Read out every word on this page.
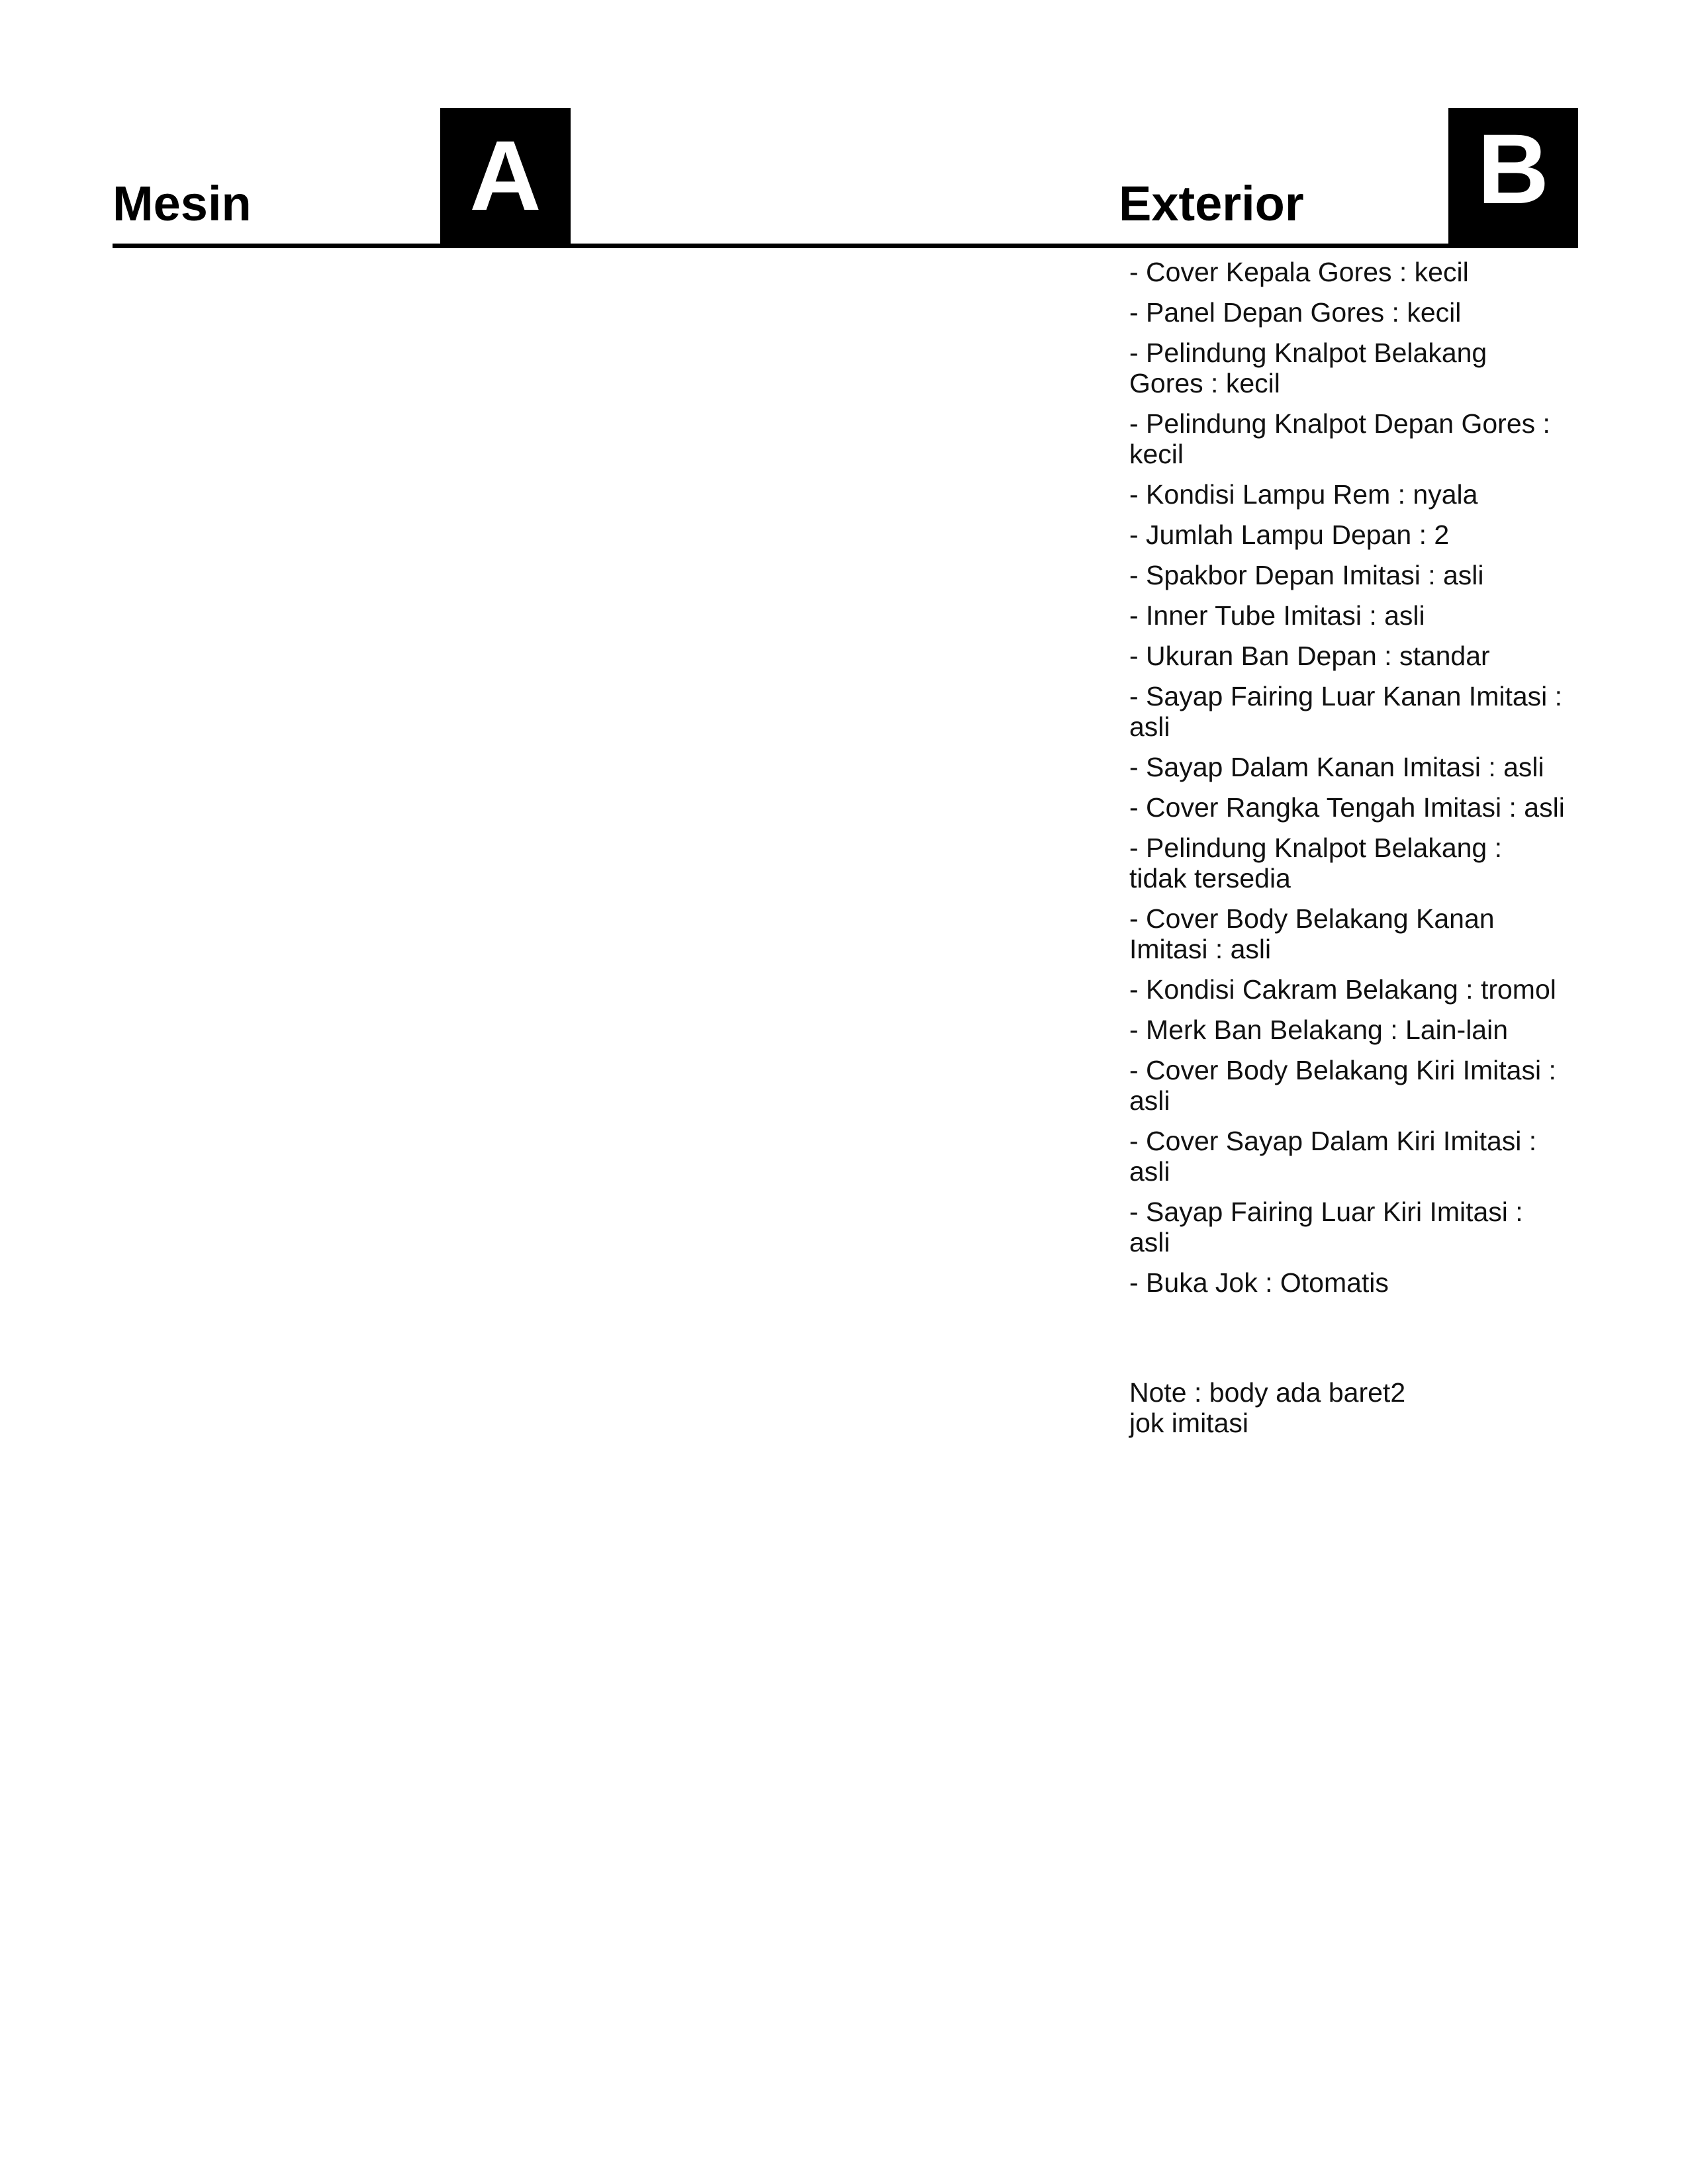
Mesin A	Exterior B
- Cover Kepala Gores : kecil
- Panel Depan Gores : kecil
- Pelindung Knalpot Belakang Gores : kecil
- Pelindung Knalpot Depan Gores : kecil
- Kondisi Lampu Rem : nyala
- Jumlah Lampu Depan : 2
- Spakbor Depan Imitasi : asli
- Inner Tube Imitasi : asli
- Ukuran Ban Depan : standar
- Sayap Fairing Luar Kanan Imitasi : asli
- Sayap Dalam Kanan Imitasi : asli
- Cover Rangka Tengah Imitasi : asli
- Pelindung Knalpot Belakang : tidak tersedia
- Cover Body Belakang Kanan Imitasi : asli
- Kondisi Cakram Belakang : tromol
- Merk Ban Belakang : Lain-lain
- Cover Body Belakang Kiri Imitasi : asli
- Cover Sayap Dalam Kiri Imitasi : asli
- Sayap Fairing Luar Kiri Imitasi : asli
- Buka Jok : Otomatis
Note : body ada baret2
jok imitasi
